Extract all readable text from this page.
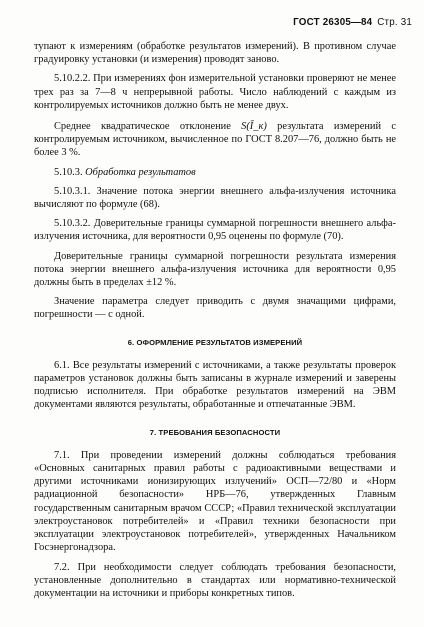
ГОСТ 26305—84 Стр. 31

тупают к измерениям (обработке результатов измерений). В противном случае градуировку установки (и измерения) проводят заново.

5.10.2.2. При измерениях фон измерительной установки проверяют не менее трех раз за 7—8 ч непрерывной работы. Число наблюдений с каждым из контролируемых источников должно быть не менее двух.

Среднее квадратическое отклонение S(Ī_к) результата измерений с контролируемым источником, вычисленное по ГОСТ 8.207—76, должно быть не более 3 %.

5.10.3. Обработка результатов

5.10.3.1. Значение потока энергии внешнего альфа-излучения источника вычисляют по формуле (68).

5.10.3.2. Доверительные границы суммарной погрешности внешнего альфа-излучения источника, для вероятности 0,95 оценены по формуле (70).

Доверительные границы суммарной погрешности результата измерения потока энергии внешнего альфа-излучения источника для вероятности 0,95 должны быть в пределах ±12 %.

Значение параметра следует приводить с двумя значащими цифрами, погрешности — с одной.

6. ОФОРМЛЕНИЕ РЕЗУЛЬТАТОВ ИЗМЕРЕНИЙ

6.1. Все результаты измерений с источниками, а также результаты проверок параметров установок должны быть записаны в журнале измерений и заверены подписью исполнителя. При обработке результатов измерений на ЭВМ документами являются результаты, обработанные и отпечатанные ЭВМ.

7. ТРЕБОВАНИЯ БЕЗОПАСНОСТИ

7.1. При проведении измерений должны соблюдаться требования «Основных санитарных правил работы с радиоактивными веществами и другими источниками ионизирующих излучений» ОСП—72/80 и «Норм радиационной безопасности» НРБ—76, утвержденных Главным государственным санитарным врачом СССР; «Правил технической эксплуатации электроустановок потребителей» и «Правил техники безопасности при эксплуатации электроустановок потребителей», утвержденных Начальником Госэнергонадзора.

7.2. При необходимости следует соблюдать требования безопасности, установленные дополнительно в стандартах или нормативно-технической документации на источники и приборы конкретных типов.
